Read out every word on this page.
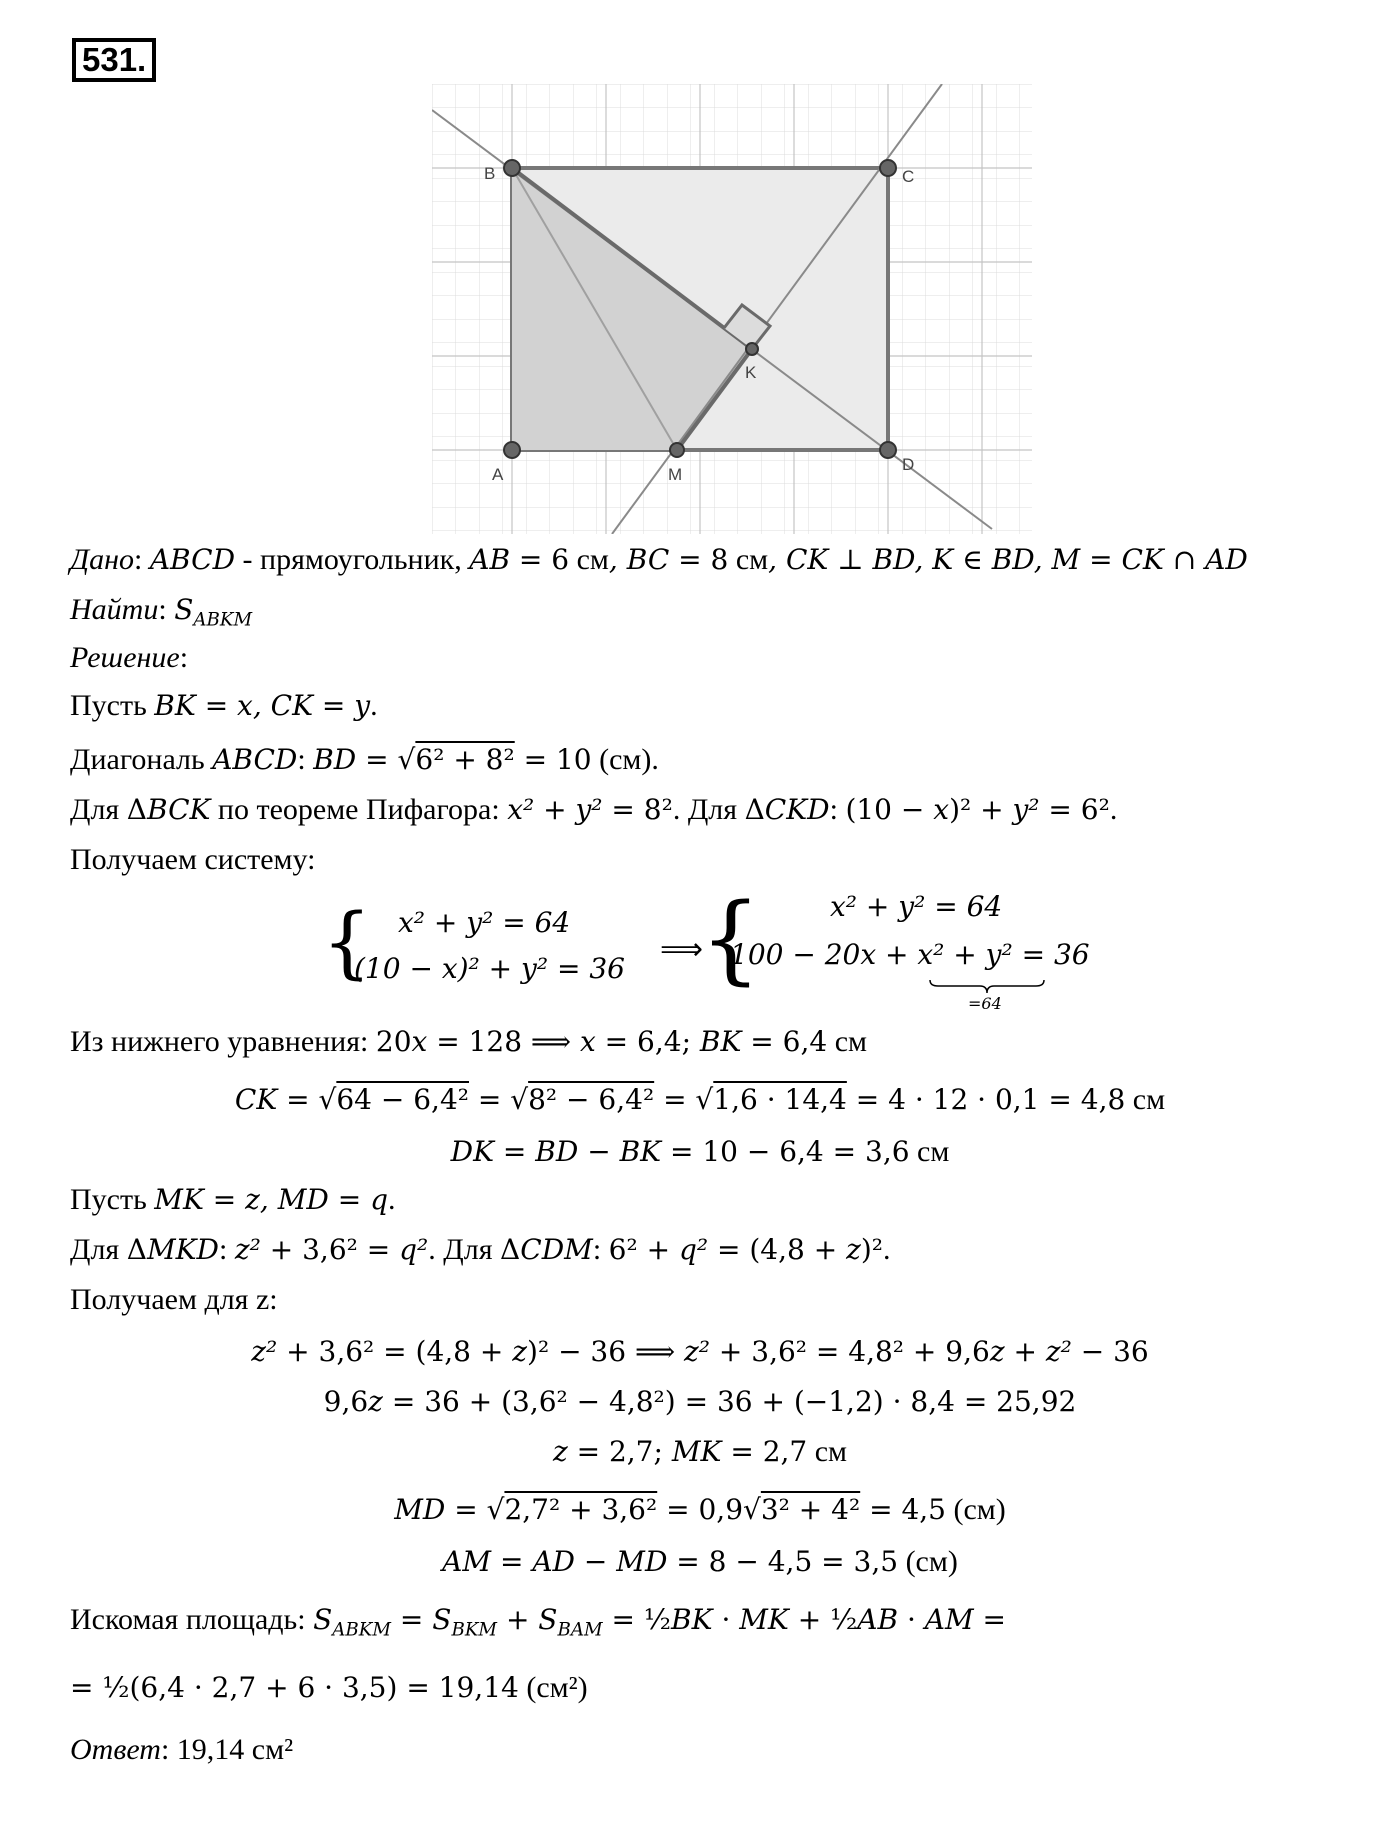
531.
B	C
A	M
K
D
Дано: ABCD - прямоугольник, AB = 6 см, BC = 8 см, CK ⊥ BD, K ∈ BD, M = CK ∩ AD
Найти: $S_{ABKM}$
Решение:
Пусть BK = x, CK = y.
Диагональ ABCD: BD = √6² + 8² = 10 (см).
Для ΔBCK по теореме Пифагора: x² + y² = 8². Для ΔCKD: (10 − x)² + y² = 6².
Получаем систему:
{ x² + y² = 64
(10 − x)² + y² = 36
⟹
{ x² + y² = 64
100 − 20x + x² + y² = 36
=64
Из нижнего уравнения: 20x = 128 ⟹ x = 6,4; BK = 6,4 см
CK = √64 − 6,4² = √8² − 6,4² = √1,6 · 14,4 = 4 · 12 · 0,1 = 4,8 см
DK = BD − BK = 10 − 6,4 = 3,6 см
Пусть MK = z, MD = q.
Для ΔMKD: z² + 3,6² = q². Для ΔCDM: 6² + q² = (4,8 + z)².
Получаем для z:
z² + 3,6² = (4,8 + z)² − 36 ⟹ z² + 3,6² = 4,8² + 9,6z + z² − 36
9,6z = 36 + (3,6² − 4,8²) = 36 + (−1,2) · 8,4 = 25,92
z = 2,7; MK = 2,7 см
MD = √2,7² + 3,6² = 0,9√3² + 4² = 4,5 (см)
AM = AD − MD = 8 − 4,5 = 3,5 (см)
Искомая площадь: $S_{ABKM} = S_{BKM} + S_{BAM}$ = ½BK · MK + ½AB · AM =
= ½(6,4 · 2,7 + 6 · 3,5) = 19,14 (см²)
Ответ: 19,14 см²
